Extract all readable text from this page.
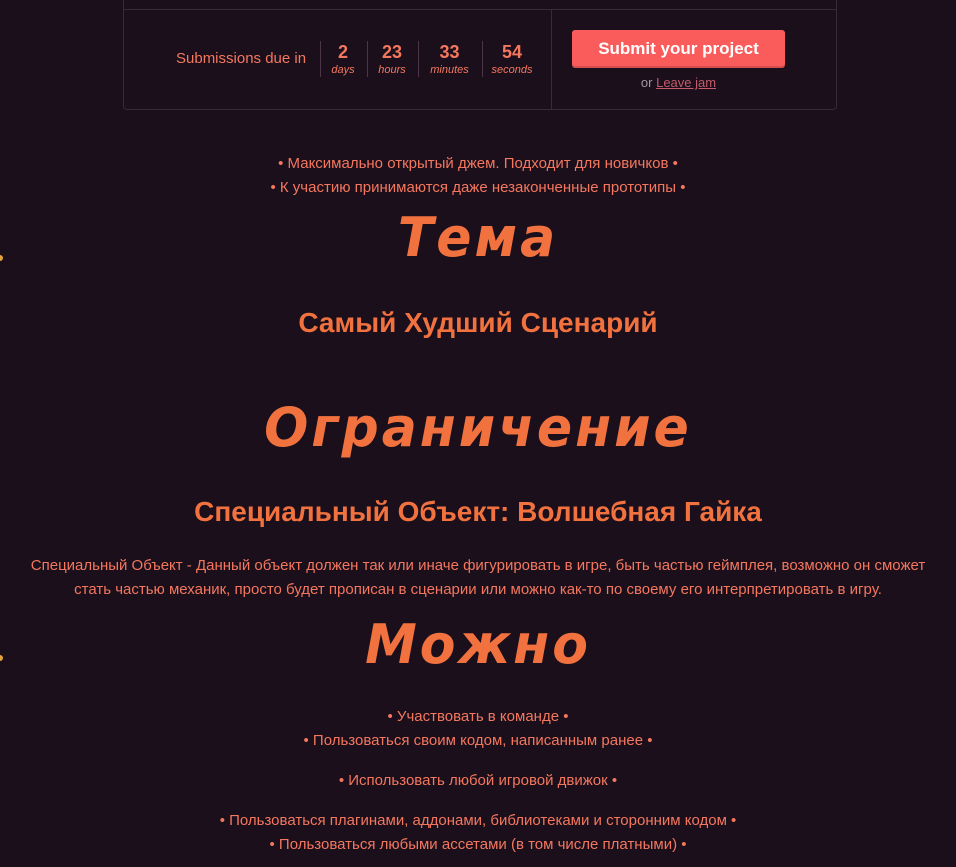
Submissions due in	2
days
23
hours
33
minutes
54
seconds
Submit your project
or Leave jam
• Максимально открытый джем. Подходит для новичков •
• К участию принимаются даже незаконченные прототипы •
Тема
Самый Худший Сценарий
Ограничение
Специальный Объект: Волшебная Гайка
Специальный Объект - Данный объект должен так или иначе фигурировать в игре, быть частью геймплея, возможно он сможет стать частью механик, просто будет прописан в сценарии или можно как-то по своему его интерпретировать в игру.
Можно
• Участвовать в команде •
• Пользоваться своим кодом, написанным ранее •
• Использовать любой игровой движок •
• Пользоваться плагинами, аддонами, библиотеками и сторонним кодом •
• Пользоваться любыми ассетами (в том числе платными) •
